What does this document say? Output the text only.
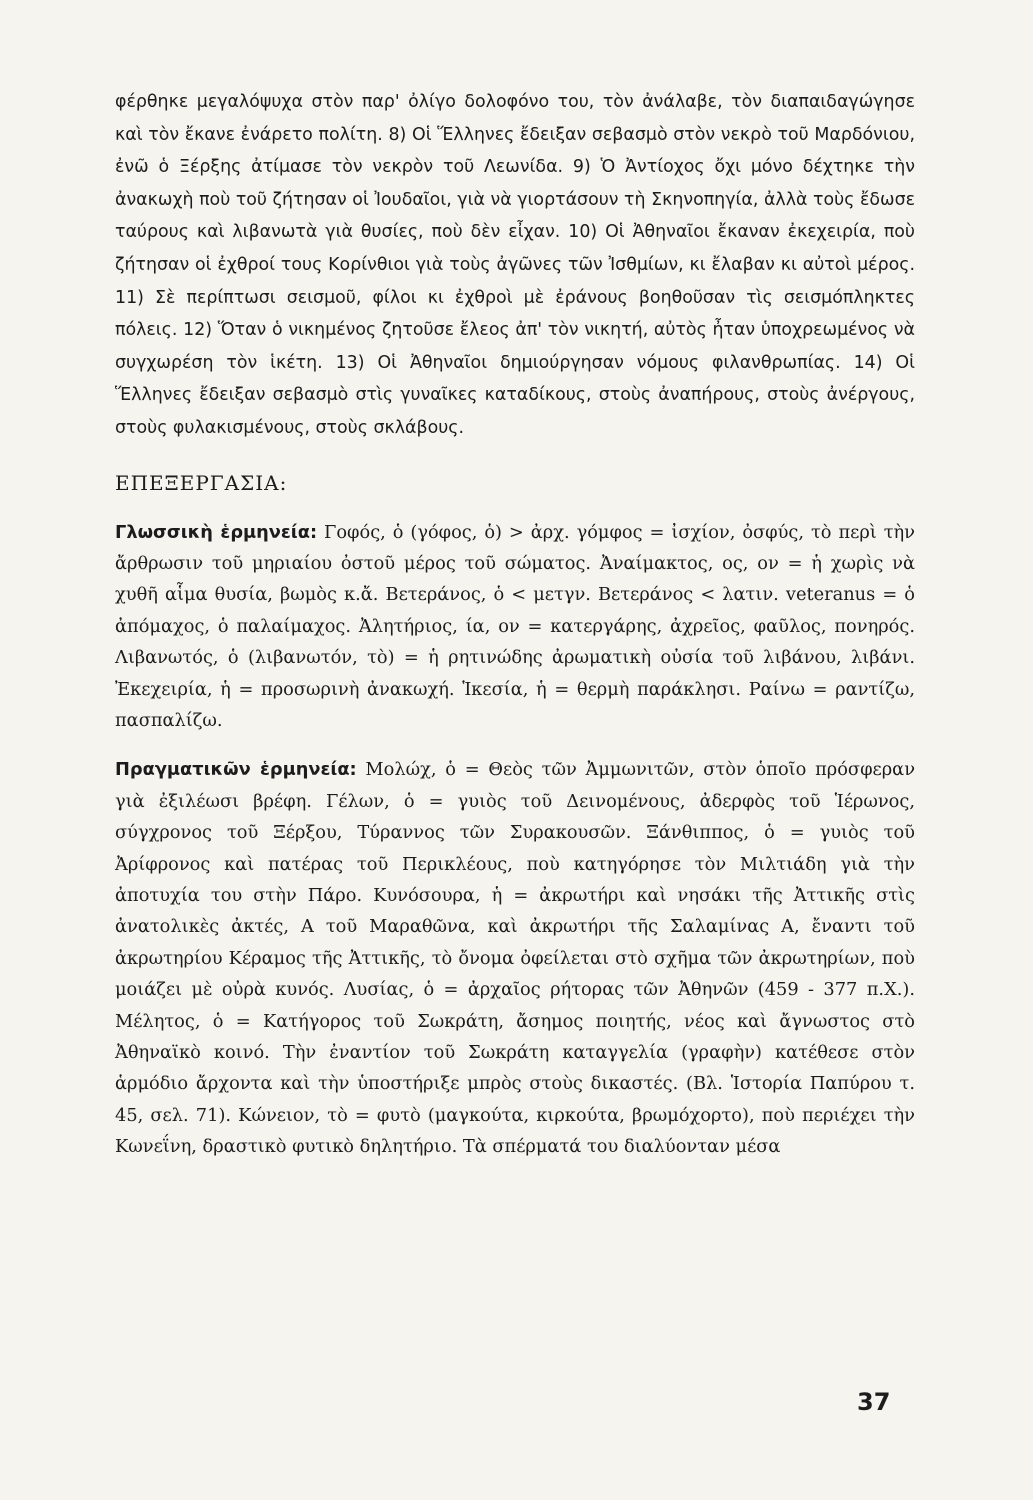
φέρθηκε μεγαλόψυχα στὸν παρ' ὀλίγο δολοφόνο του, τὸν ἀνάλαβε, τὸν διαπαιδαγώγησε καὶ τὸν ἔκανε ἐνάρετο πολίτη. 8) Οἱ Ἕλληνες ἔδειξαν σεβασμὸ στὸν νεκρὸ τοῦ Μαρδόνιου, ἐνῶ ὁ Ξέρξης ἀτίμασε τὸν νεκρὸν τοῦ Λεωνίδα. 9) Ὁ Ἀντίοχος ὄχι μόνο δέχτηκε τὴν ἀνακωχὴ ποὺ τοῦ ζήτησαν οἱ Ἰουδαῖοι, γιὰ νὰ γιορτάσουν τὴ Σκηνοπηγία, ἀλλὰ τοὺς ἔδωσε ταύρους καὶ λιβανωτὰ γιὰ θυσίες, ποὺ δὲν εἶχαν. 10) Οἱ Ἀθηναῖοι ἔκαναν ἐκεχειρία, ποὺ ζήτησαν οἱ ἐχθροί τους Κορίνθιοι γιὰ τοὺς ἀγῶνες τῶν Ἰσθμίων, κι ἔλαβαν κι αὐτοὶ μέρος. 11) Σὲ περίπτωσι σεισμοῦ, φίλοι κι ἐχθροὶ μὲ ἐράνους βοηθοῦσαν τὶς σεισμόπληκτες πόλεις. 12) Ὅταν ὁ νικημένος ζητοῦσε ἔλεος ἀπ' τὸν νικητή, αὐτὸς ἦταν ὑποχρεωμένος νὰ συγχωρέση τὸν ἱκέτη. 13) Οἱ Ἀθηναῖοι δημιούργησαν νόμους φιλανθρωπίας. 14) Οἱ Ἕλληνες ἔδειξαν σεβασμὸ στὶς γυναῖκες καταδίκους, στοὺς ἀναπήρους, στοὺς ἀνέργους, στοὺς φυλακισμένους, στοὺς σκλάβους.

ΕΠΕΞΕΡΓΑΣΙΑ:

Γλωσσικὴ ἑρμηνεία: Γοφός, ὁ (γόφος, ὁ) > ἀρχ. γόμφος = ἰσχίον, ὀσφύς, τὸ περὶ τὴν ἄρθρωσιν τοῦ μηριαίου ὀστοῦ μέρος τοῦ σώματος. Ἀναίμακτος, ος, ον = ἡ χωρὶς νὰ χυθῆ αἷμα θυσία, βωμὸς κ.ἄ. Βετεράνος, ὁ < μετγν. Βετεράνος < λατιν. veteranus = ὁ ἀπόμαχος, ὁ παλαίμαχος. Ἀλητήριος, ία, ον = κατεργάρης, ἀχρεῖος, φαῦλος, πονηρός. Λιβανωτός, ὁ (λιβανωτόν, τὸ) = ἡ ρητινώδης ἀρωματικὴ οὐσία τοῦ λιβάνου, λιβάνι. Ἐκεχειρία, ἡ = προσωρινὴ ἀνακωχή. Ἱκεσία, ἡ = θερμὴ παράκλησι. Ραίνω = ραντίζω, πασπαλίζω.

Πραγματικῶν ἑρμηνεία: Μολώχ, ὁ = Θεὸς τῶν Ἀμμωνιτῶν, στὸν ὁποῖο πρόσφεραν γιὰ ἐξιλέωσι βρέφη. Γέλων, ὁ = γυιὸς τοῦ Δεινομένους, ἀδερφὸς τοῦ Ἱέρωνος, σύγχρονος τοῦ Ξέρξου, Τύραννος τῶν Συρακουσῶν. Ξάνθιππος, ὁ = γυιὸς τοῦ Ἀρίφρονος καὶ πατέρας τοῦ Περικλέους, ποὺ κατηγόρησε τὸν Μιλτιάδη γιὰ τὴν ἀποτυχία του στὴν Πάρο. Κυνόσουρα, ἡ = ἀκρωτήρι καὶ νησάκι τῆς Ἀττικῆς στὶς ἀνατολικὲς ἀκτές, Α τοῦ Μαραθῶνα, καὶ ἀκρωτήρι τῆς Σαλαμίνας Α, ἔναντι τοῦ ἀκρωτηρίου Κέραμος τῆς Ἀττικῆς, τὸ ὄνομα ὀφείλεται στὸ σχῆμα τῶν ἀκρωτηρίων, ποὺ μοιάζει μὲ οὐρὰ κυνός. Λυσίας, ὁ = ἀρχαῖος ρήτορας τῶν Ἀθηνῶν (459 - 377 π.Χ.). Μέλητος, ὁ = Κατήγορος τοῦ Σωκράτη, ἄσημος ποιητής, νέος καὶ ἄγνωστος στὸ Ἀθηναϊκὸ κοινό. Τὴν ἐναντίον τοῦ Σωκράτη καταγγελία (γραφὴν) κατέθεσε στὸν ἁρμόδιο ἄρχοντα καὶ τὴν ὑποστήριξε μπρὸς στοὺς δικαστές. (Βλ. Ἱστορία Παπύρου τ. 45, σελ. 71). Κώνειον, τὸ = φυτὸ (μαγκούτα, κιρκούτα, βρωμόχορτο), ποὺ περιέχει τὴν Κωνεΐνη, δραστικὸ φυτικὸ δηλητήριο. Τὰ σπέρματά του διαλύονταν μέσα

37
